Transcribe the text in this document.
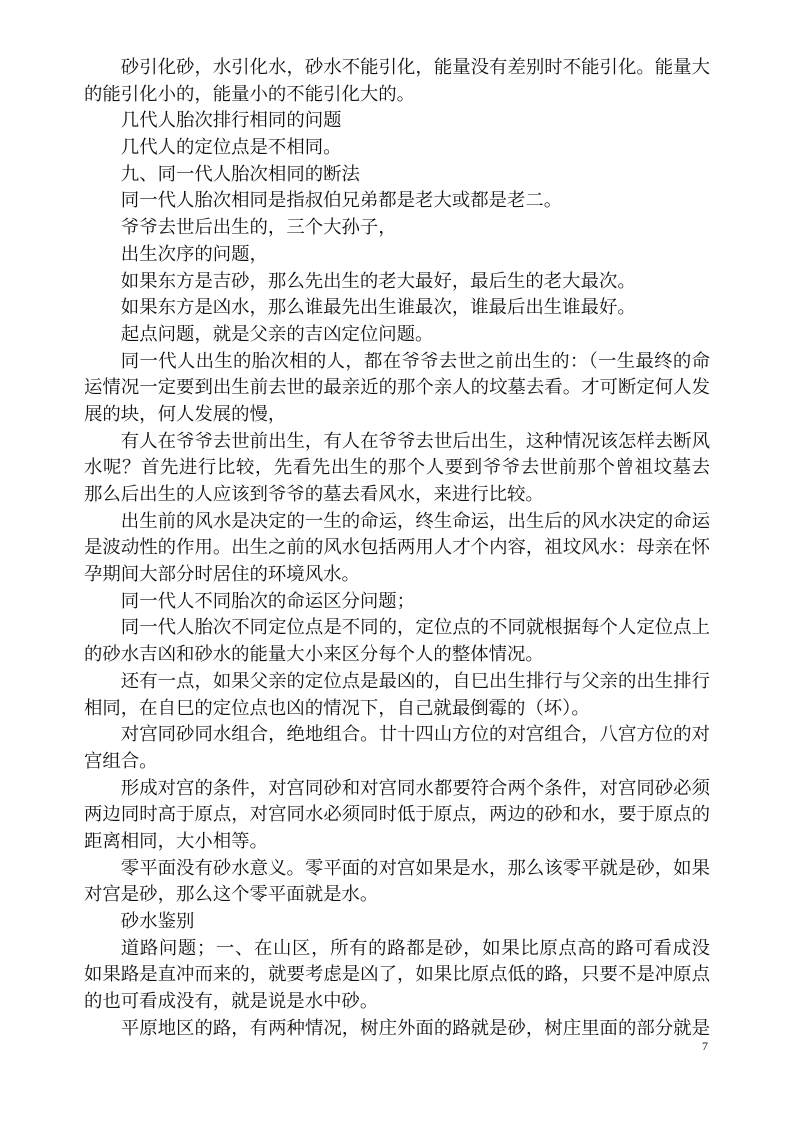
砂引化砂，水引化水，砂水不能引化，能量没有差别时不能引化。能量大
的能引化小的，能量小的不能引化大的。
几代人胎次排行相同的问题
几代人的定位点是不相同。
九、同一代人胎次相同的断法
同一代人胎次相同是指叔伯兄弟都是老大或都是老二。
爷爷去世后出生的，三个大孙子，
出生次序的问题，
如果东方是吉砂，那么先出生的老大最好，最后生的老大最次。
如果东方是凶水，那么谁最先出生谁最次，谁最后出生谁最好。
起点问题，就是父亲的吉凶定位问题。
同一代人出生的胎次相的人，都在爷爷去世之前出生的：（一生最终的命
运情况一定要到出生前去世的最亲近的那个亲人的坟墓去看。才可断定何人发
展的块，何人发展的慢，
有人在爷爷去世前出生，有人在爷爷去世后出生，这种情况该怎样去断风
水呢？首先进行比较，先看先出生的那个人要到爷爷去世前那个曾祖坟墓去
那么后出生的人应该到爷爷的墓去看风水，来进行比较。
出生前的风水是决定的一生的命运，终生命运，出生后的风水决定的命运
是波动性的作用。出生之前的风水包括两用人才个内容，祖坟风水：母亲在怀
孕期间大部分时居住的环境风水。
同一代人不同胎次的命运区分问题；
同一代人胎次不同定位点是不同的，定位点的不同就根据每个人定位点上
的砂水吉凶和砂水的能量大小来区分每个人的整体情况。
还有一点，如果父亲的定位点是最凶的，自巳出生排行与父亲的出生排行
相同，在自巳的定位点也凶的情况下，自己就最倒霉的（坏）。
对宫同砂同水组合，绝地组合。廿十四山方位的对宫组合，八宫方位的对
宫组合。
形成对宫的条件，对宫同砂和对宫同水都要符合两个条件，对宫同砂必须
两边同时高于原点，对宫同水必须同时低于原点，两边的砂和水，要于原点的
距离相同，大小相等。
零平面没有砂水意义。零平面的对宫如果是水，那么该零平就是砂，如果
对宫是砂，那么这个零平面就是水。
砂水鉴别
道路问题；一、在山区，所有的路都是砂，如果比原点高的路可看成没
如果路是直冲而来的，就要考虑是凶了，如果比原点低的路，只要不是冲原点
的也可看成没有，就是说是水中砂。
平原地区的路，有两种情况，树庄外面的路就是砂，树庄里面的部分就是
7
